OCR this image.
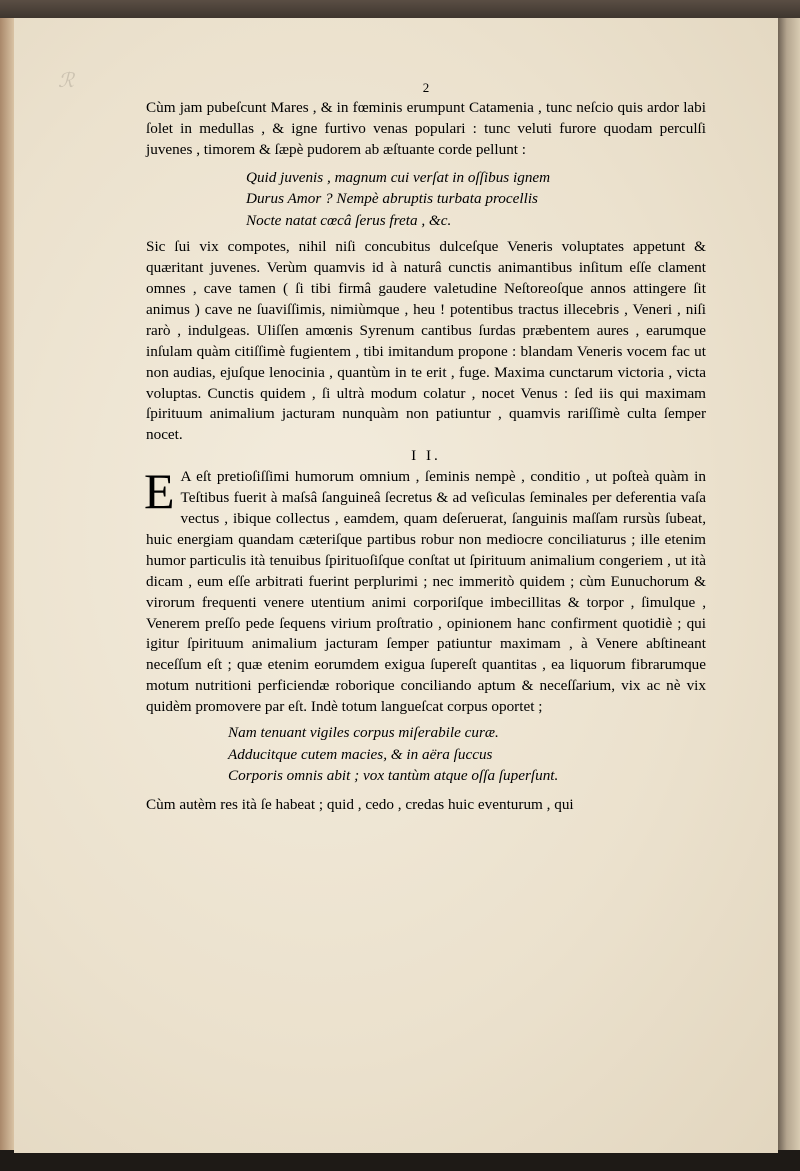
ℛ	2

Cùm jam pubeſcunt Mares , & in fœminis erumpunt Catamenia , tunc neſcio quis ardor labi ſolet in medullas , & igne furtivo venas populari : tunc veluti furore quodam perculſi juvenes , timorem & ſæpè pudorem ab æſtuante corde pellunt :

Quid juvenis , magnum cui verſat in oſſibus ignem

Durus Amor ? Nempè abruptis turbata procellis

Nocte natat cœcâ ſerus freta , &c.

Sic ſui vix compotes, nihil niſi concubitus dulceſque Veneris voluptates appetunt & quæritant juvenes. Verùm quamvis id à naturâ cunctis animantibus inſitum eſſe clament omnes , cave tamen ( ſi tibi firmâ gaudere valetudine Neſtoreoſque annos attingere ſit animus ) cave ne ſuaviſſimis, nimiùmque , heu ! potentibus tractus illecebris , Veneri , niſi rarò , indulgeas. Uliſſen amœnis Syrenum cantibus ſurdas præbentem aures , earumque inſulam quàm citiſſimè fugientem , tibi imitandum propone : blandam Veneris vocem fac ut non audias, ejuſque lenocinia , quantùm in te erit , fuge. Maxima cunctarum victoria , victa voluptas. Cunctis quidem , ſi ultrà modum colatur , nocet Venus : ſed iis qui maximam ſpirituum animalium jacturam nunquàm non patiuntur , quamvis rariſſimè culta ſemper nocet.

I I.

E A eſt pretioſiſſimi humorum omnium , ſeminis nempè , conditio , ut poſteà quàm in Teſtibus fuerit à maſsâ ſanguineâ ſecretus & ad veſiculas ſeminales per deferentia vaſa vectus , ibique collectus , eamdem, quam deſeruerat, ſanguinis maſſam rursùs ſubeat, huic energiam quandam cæteriſque partibus robur non mediocre conciliaturus ; ille etenim humor particulis ità tenuibus ſpirituoſiſque conſtat ut ſpirituum animalium congeriem , ut ità dicam , eum eſſe arbitrati fuerint perplurimi ; nec immeritò quidem ; cùm Eunuchorum & virorum frequenti venere utentium animi corporiſque imbecillitas & torpor , ſimulque , Venerem preſſo pede ſequens virium proſtratio , opinionem hanc confirment quotidiè ; qui igitur ſpirituum animalium jacturam ſemper patiuntur maximam , à Venere abſtineant neceſſum eſt ; quæ etenim eorumdem exigua ſupereſt quantitas , ea liquorum fibrarumque motum nutritioni perficiendæ roborique conciliando aptum & neceſſarium, vix ac nè vix quidèm promovere par eſt. Indè totum langueſcat corpus oportet ;

Nam tenuant vigiles corpus miſerabile curæ.

Adducitque cutem macies, & in aëra ſuccus

Corporis omnis abit ; vox tantùm atque oſſa ſuperſunt.

Cùm autèm res ità ſe habeat ; quid , cedo , credas huic eventurum , qui
